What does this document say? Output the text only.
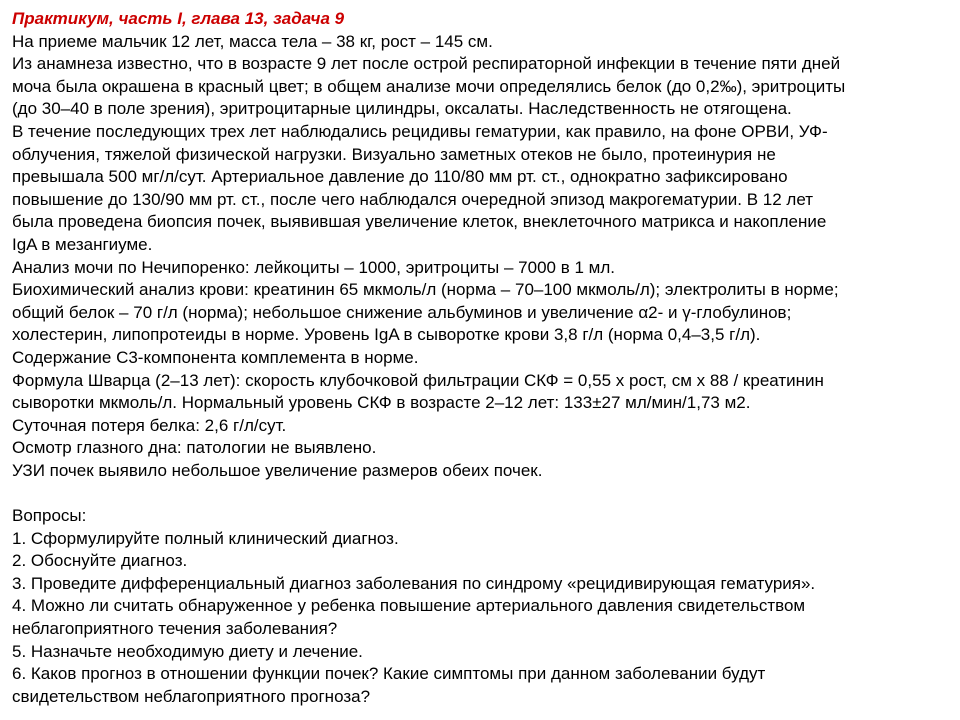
Практикум, часть I, глава 13, задача 9

На приеме мальчик 12 лет, масса тела – 38 кг, рост – 145 см.

Из анамнеза известно, что в возрасте 9 лет после острой респираторной инфекции в течение пяти дней

моча была окрашена в красный цвет; в общем анализе мочи определялись белок (до 0,2‰), эритроциты

(до 30–40 в поле зрения), эритроцитарные цилиндры, оксалаты. Наследственность не отягощена.

В течение последующих трех лет наблюдались рецидивы гематурии, как правило, на фоне ОРВИ, УФ-

облучения, тяжелой физической нагрузки. Визуально заметных отеков не было, протеинурия не

превышала 500 мг/л/сут. Артериальное давление до 110/80 мм рт. ст., однократно зафиксировано

повышение до 130/90 мм рт. ст., после чего наблюдался очередной эпизод макрогематурии. В 12 лет

была проведена биопсия почек, выявившая увеличение клеток, внеклеточного матрикса и накопление

IgA в мезангиуме.

Анализ мочи по Нечипоренко: лейкоциты – 1000, эритроциты – 7000 в 1 мл.

Биохимический анализ крови: креатинин 65 мкмоль/л (норма – 70–100 мкмоль/л); электролиты в норме;

общий белок – 70 г/л (норма); небольшое снижение альбуминов и увеличение α2- и γ-глобулинов;

холестерин, липопротеиды в норме. Уровень IgA в сыворотке крови 3,8 г/л (норма 0,4–3,5 г/л).

Содержание С3-компонента комплемента в норме.

Формула Шварца (2–13 лет): скорость клубочковой фильтрации СКФ = 0,55 х рост, см х 88 / креатинин

сыворотки мкмоль/л. Нормальный уровень СКФ в возрасте 2–12 лет: 133±27 мл/мин/1,73 м2.

Суточная потеря белка: 2,6 г/л/сут.

Осмотр глазного дна: патологии не выявлено.

УЗИ почек выявило небольшое увеличение размеров обеих почек.

Вопросы:

1. Сформулируйте полный клинический диагноз.

2. Обоснуйте диагноз.

3. Проведите дифференциальный диагноз заболевания по синдрому «рецидивирующая гематурия».

4. Можно ли считать обнаруженное у ребенка повышение артериального давления свидетельством

неблагоприятного течения заболевания?

5. Назначьте необходимую диету и лечение.

6. Каков прогноз в отношении функции почек? Какие симптомы при данном заболевании будут

свидетельством неблагоприятного прогноза?
